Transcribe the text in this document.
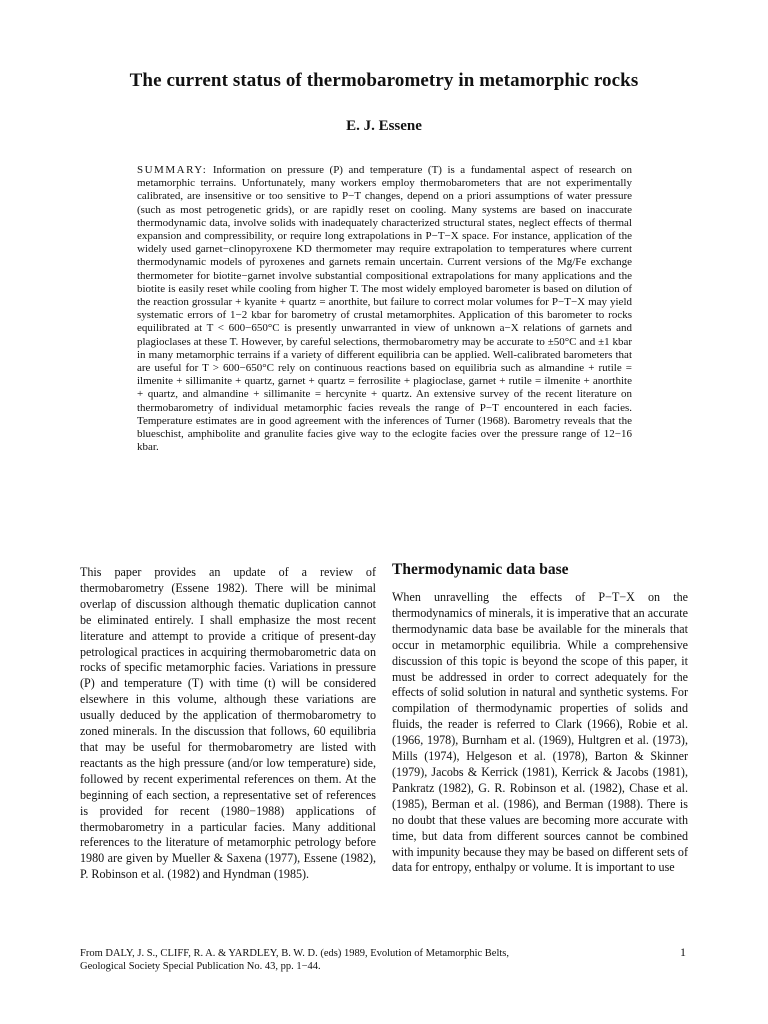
The current status of thermobarometry in metamorphic rocks
E. J. Essene
SUMMARY: Information on pressure (P) and temperature (T) is a fundamental aspect of research on metamorphic terrains. Unfortunately, many workers employ thermobarometers that are not experimentally calibrated, are insensitive or too sensitive to P−T changes, depend on a priori assumptions of water pressure (such as most petrogenetic grids), or are rapidly reset on cooling. Many systems are based on inaccurate thermodynamic data, involve solids with inadequately characterized structural states, neglect effects of thermal expansion and compressibility, or require long extrapolations in P−T−X space. For instance, application of the widely used garnet−clinopyroxene KD thermometer may require extrapolation to temperatures where current thermodynamic models of pyroxenes and garnets remain uncertain. Current versions of the Mg/Fe exchange thermometer for biotite−garnet involve substantial compositional extrapolations for many applications and the biotite is easily reset while cooling from higher T. The most widely employed barometer is based on dilution of the reaction grossular + kyanite + quartz = anorthite, but failure to correct molar volumes for P−T−X may yield systematic errors of 1−2 kbar for barometry of crustal metamorphites. Application of this barometer to rocks equilibrated at T < 600−650°C is presently unwarranted in view of unknown a−X relations of garnets and plagioclases at these T. However, by careful selections, thermobarometry may be accurate to ±50°C and ±1 kbar in many metamorphic terrains if a variety of different equilibria can be applied. Well-calibrated barometers that are useful for T > 600−650°C rely on continuous reactions based on equilibria such as almandine + rutile = ilmenite + sillimanite + quartz, garnet + quartz = ferrosilite + plagioclase, garnet + rutile = ilmenite + anorthite + quartz, and almandine + sillimanite = hercynite + quartz. An extensive survey of the recent literature on thermobarometry of individual metamorphic facies reveals the range of P−T encountered in each facies. Temperature estimates are in good agreement with the inferences of Turner (1968). Barometry reveals that the blueschist, amphibolite and granulite facies give way to the eclogite facies over the pressure range of 12−16 kbar.

This paper provides an update of a review of thermobarometry (Essene 1982). There will be minimal overlap of discussion although thematic duplication cannot be eliminated entirely. I shall emphasize the most recent literature and attempt to provide a critique of present-day petrological practices in acquiring thermobarometric data on rocks of specific metamorphic facies. Variations in pressure (P) and temperature (T) with time (t) will be considered elsewhere in this volume, although these variations are usually deduced by the application of thermobarometry to zoned minerals. In the discussion that follows, 60 equilibria that may be useful for thermobarometry are listed with reactants as the high pressure (and/or low temperature) side, followed by recent experimental references on them. At the beginning of each section, a representative set of references is provided for recent (1980−1988) applications of thermobarometry in a particular facies. Many additional references to the literature of metamorphic petrology before 1980 are given by Mueller & Saxena (1977), Essene (1982), P. Robinson et al. (1982) and Hyndman (1985).

Thermodynamic data base

When unravelling the effects of P−T−X on the thermodynamics of minerals, it is imperative that an accurate thermodynamic data base be available for the minerals that occur in metamorphic equilibria. While a comprehensive discussion of this topic is beyond the scope of this paper, it must be addressed in order to correct adequately for the effects of solid solution in natural and synthetic systems. For compilation of thermodynamic properties of solids and fluids, the reader is referred to Clark (1966), Robie et al. (1966, 1978), Burnham et al. (1969), Hultgren et al. (1973), Mills (1974), Helgeson et al. (1978), Barton & Skinner (1979), Jacobs & Kerrick (1981), Kerrick & Jacobs (1981), Pankratz (1982), G. R. Robinson et al. (1982), Chase et al. (1985), Berman et al. (1986), and Berman (1988). There is no doubt that these values are becoming more accurate with time, but data from different sources cannot be combined with impunity because they may be based on different sets of data for entropy, enthalpy or volume. It is important to use

From DALY, J. S., CLIFF, R. A. & YARDLEY, B. W. D. (eds) 1989, Evolution of Metamorphic Belts,
Geological Society Special Publication No. 43, pp. 1−44.
1
